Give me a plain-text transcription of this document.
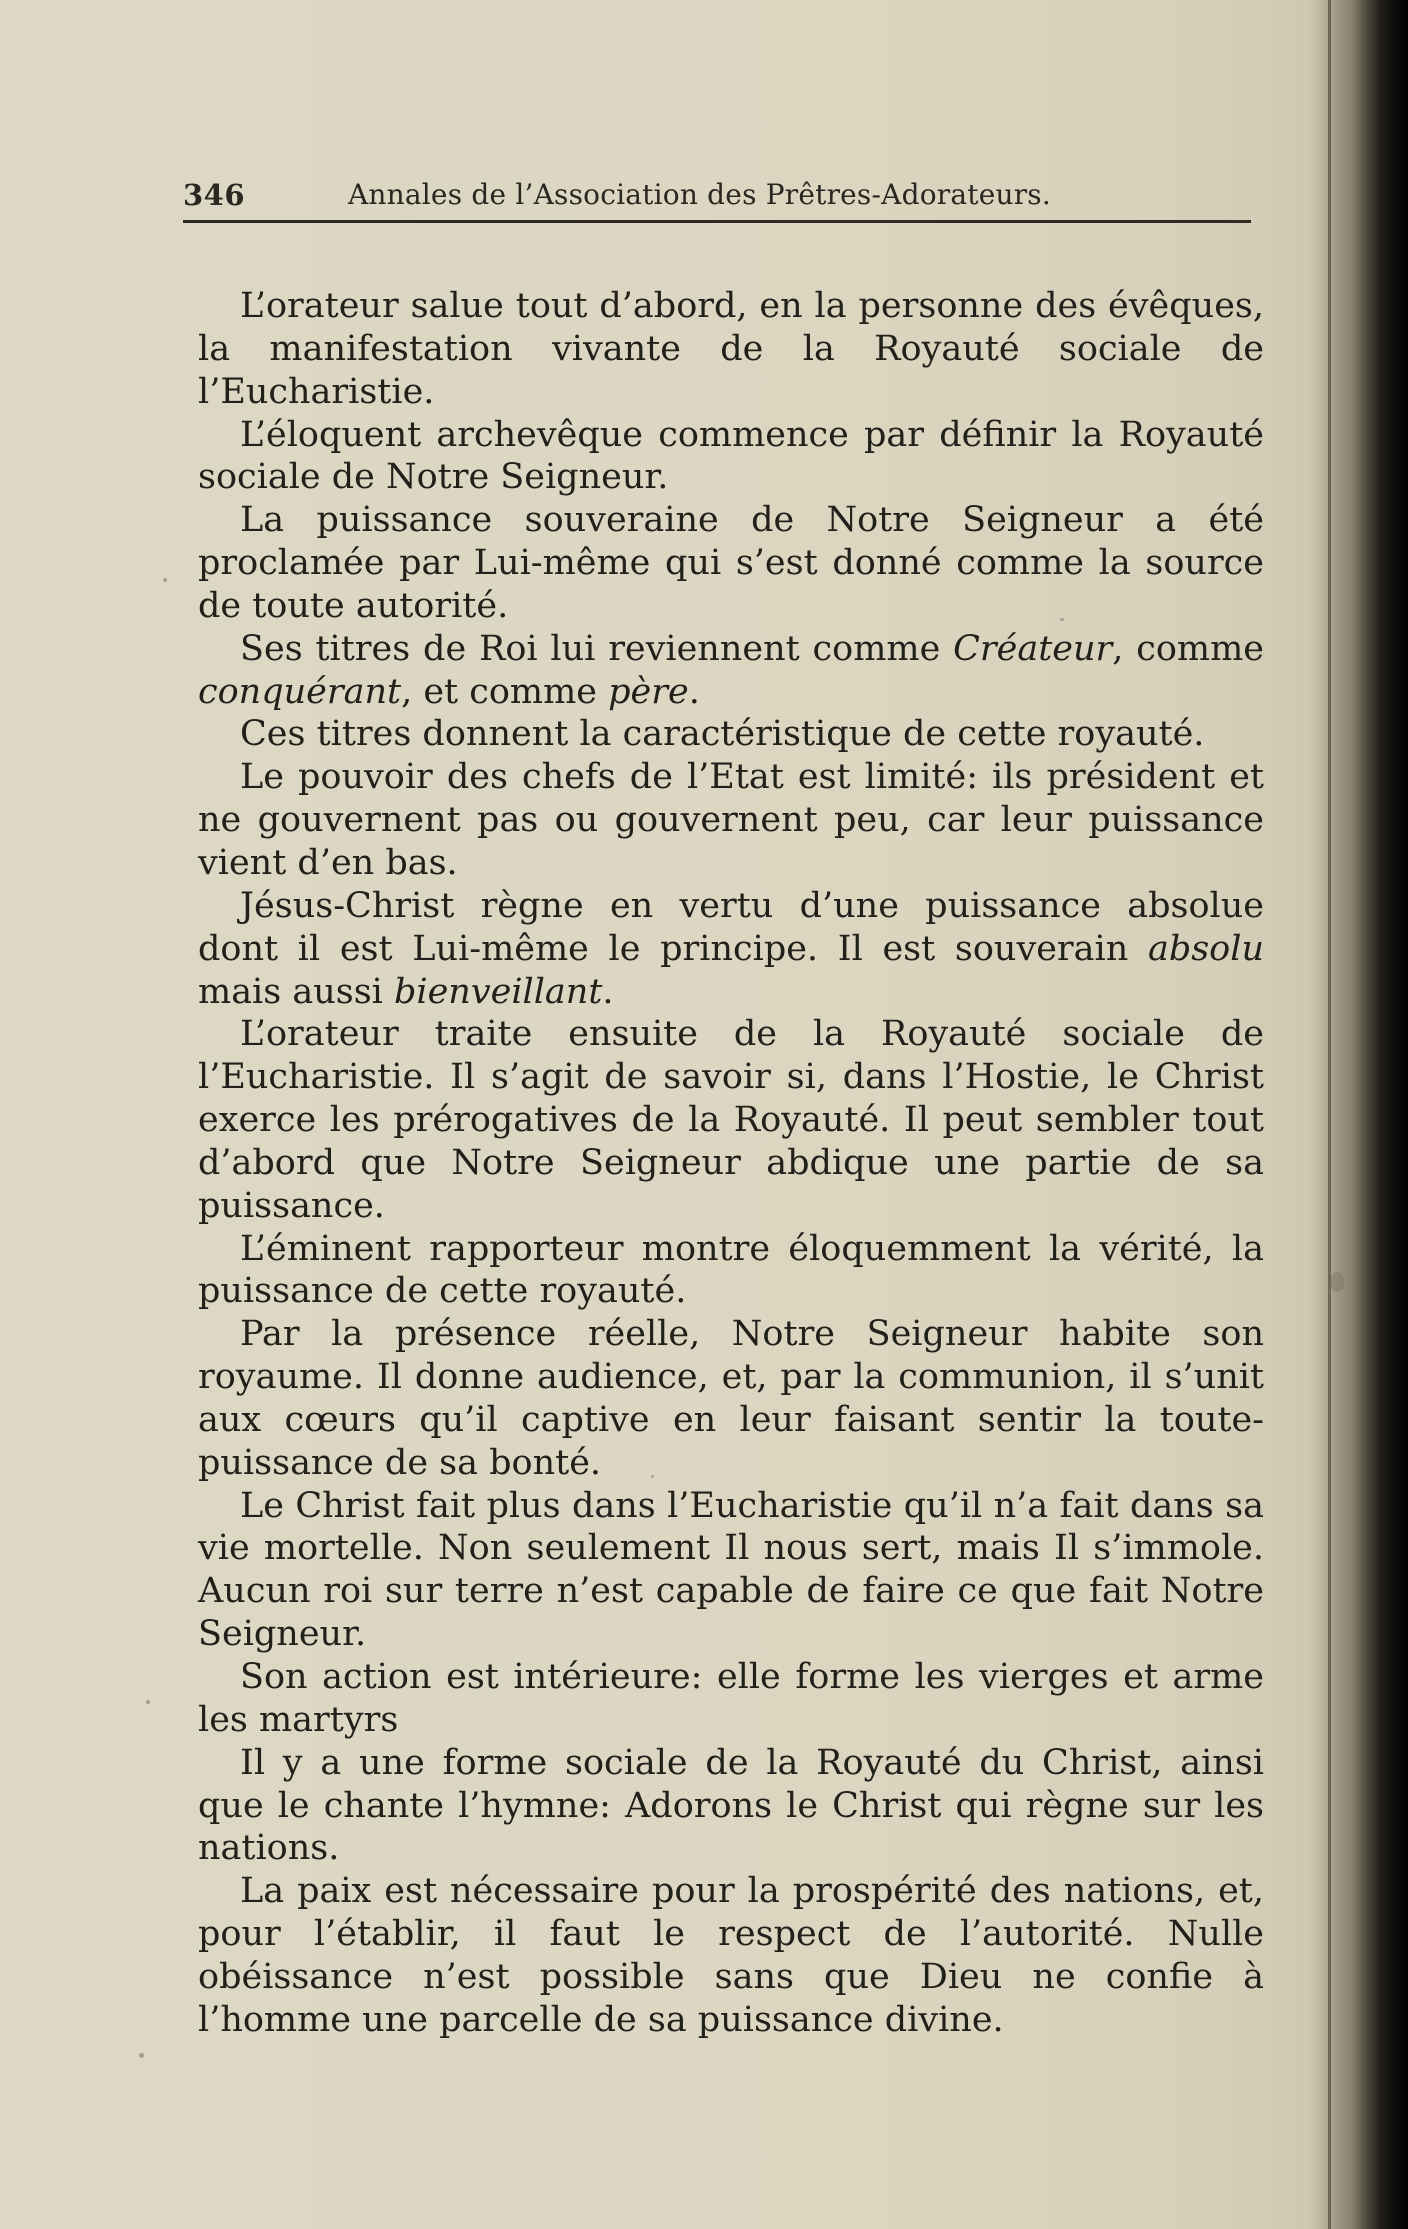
346	Annales de l’Association des Prêtres-Adorateurs.

L’orateur salue tout d’abord, en la personne des évêques, la manifestation vivante de la Royauté sociale de l’Eucharistie.

L’éloquent archevêque commence par définir la Royauté sociale de Notre Seigneur.

La puissance souveraine de Notre Seigneur a été proclamée par Lui-même qui s’est donné comme la source de toute autorité.

Ses titres de Roi lui reviennent comme Créateur, comme conquérant, et comme père.

Ces titres donnent la caractéristique de cette royauté.

Le pouvoir des chefs de l’Etat est limité: ils président et ne gouvernent pas ou gouvernent peu, car leur puissance vient d’en bas.

Jésus-Christ règne en vertu d’une puissance absolue dont il est Lui-même le principe. Il est souverain absolu mais aussi bienveillant.

L’orateur traite ensuite de la Royauté sociale de l’Eucharistie. Il s’agit de savoir si, dans l’Hostie, le Christ exerce les prérogatives de la Royauté. Il peut sembler tout d’abord que Notre Seigneur abdique une partie de sa puissance.

L’éminent rapporteur montre éloquemment la vérité, la puissance de cette royauté.

Par la présence réelle, Notre Seigneur habite son royaume. Il donne audience, et, par la communion, il s’unit aux cœurs qu’il captive en leur faisant sentir la toute-puissance de sa bonté.

Le Christ fait plus dans l’Eucharistie qu’il n’a fait dans sa vie mortelle. Non seulement Il nous sert, mais Il s’immole. Aucun roi sur terre n’est capable de faire ce que fait Notre Seigneur.

Son action est intérieure: elle forme les vierges et arme les martyrs

Il y a une forme sociale de la Royauté du Christ, ainsi que le chante l’hymne: Adorons le Christ qui règne sur les nations.

La paix est nécessaire pour la prospérité des nations, et, pour l’établir, il faut le respect de l’autorité. Nulle obéissance n’est possible sans que Dieu ne confie à l’homme une parcelle de sa puissance divine.
